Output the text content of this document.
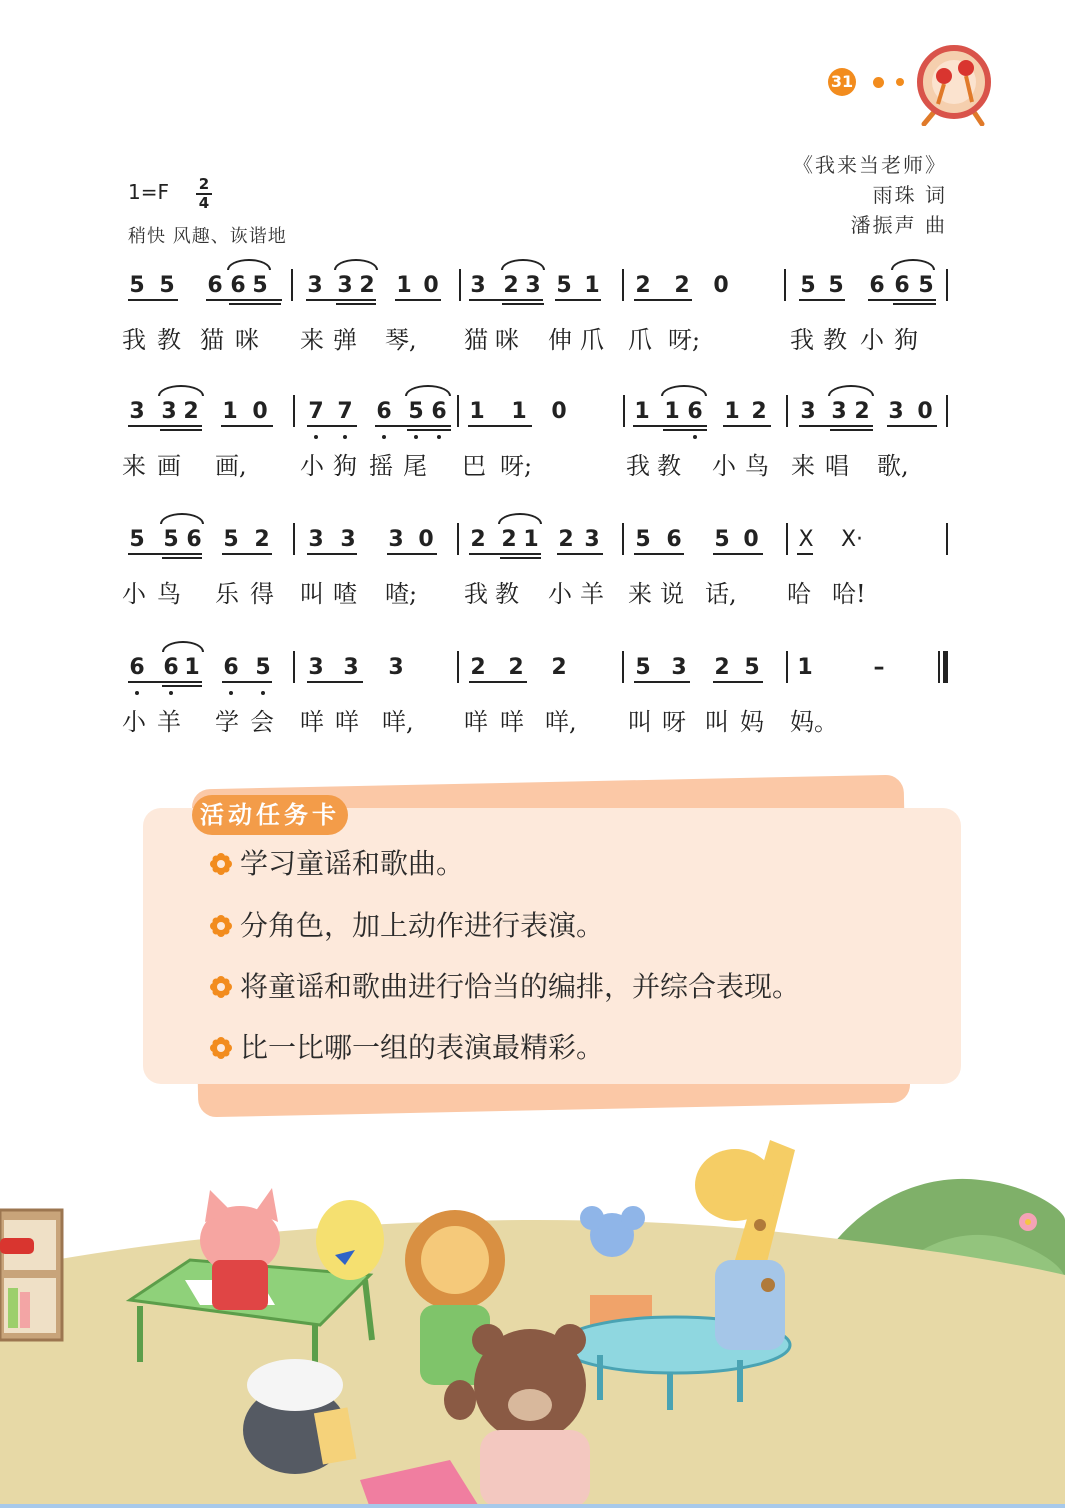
31
《我来当老师》
雨珠 词
潘振声 曲
1=F 2
4
稍快 风趣、诙谐地
5 5 6 6 5 3 3 2 1 0 3 2 3 5 1 2 2 0	5 5 6 6 5
我 教 猫 咪 来 弹 琴, 猫 咪 伸 爪 爪 呀;	我 教 小 狗
3 3 2 1 0 7 7 6 5 6 1 1 0	1 1 6 1 2 3 3 2 3 0
来 画 画, 小 狗 摇 尾 巴 呀;	我 教 小 鸟 来 唱 歌,
5 5 6 5 2 3 3 3 0 2 2 1 2 3 5 6 5 0 X X·
小 鸟 乐 得 叫 喳 喳; 我 教 小 羊 来 说 话, 哈 哈!
6 6 1 6 5 3 3 3	2 2 2	5 3 2 5 1	–
小 羊 学 会 咩 咩 咩, 咩 咩 咩, 叫 呀 叫 妈 妈。
活动任务卡
学习童谣和歌曲。
分角色，加上动作进行表演。
将童谣和歌曲进行恰当的编排，并综合表现。
比一比哪一组的表演最精彩。
